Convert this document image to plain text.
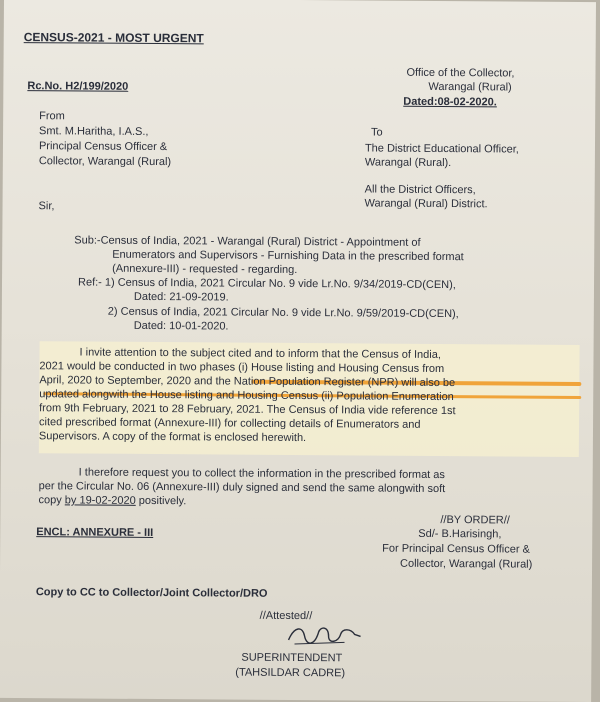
CENSUS-2021 - MOST URGENT
Rc.No. H2/199/2020
Office of the Collector,
Warangal (Rural)
Dated:08-02-2020.
From
Smt. M.Haritha, I.A.S.,
Principal Census Officer &
Collector, Warangal (Rural)
To
The District Educational Officer,
Warangal (Rural).
All the District Officers,
Warangal (Rural) District.
Sir,
Sub:-Census of India, 2021 - Warangal (Rural) District - Appointment of
Enumerators and Supervisors - Furnishing Data in the prescribed format
(Annexure-III) - requested - regarding.
Ref:- 1) Census of India, 2021 Circular No. 9 vide Lr.No. 9/34/2019-CD(CEN),
Dated: 21-09-2019.
2) Census of India, 2021 Circular No. 9 vide Lr.No. 9/59/2019-CD(CEN),
Dated: 10-01-2020.
I invite attention to the subject cited and to inform that the Census of India,
2021 would be conducted in two phases (i) House listing and Housing Census from
April, 2020 to September, 2020 and the Nation Population Register (NPR) will also be
updated alongwith the House listing and Housing Census (ii) Population Enumeration
from 9th February, 2021 to 28 February, 2021. The Census of India vide reference 1st
cited prescribed format (Annexure-III) for collecting details of Enumerators and
Supervisors. A copy of the format is enclosed herewith.
I therefore request you to collect the information in the prescribed format as
per the Circular No. 06 (Annexure-III) duly signed and send the same alongwith soft
copy by 19-02-2020 positively.
//BY ORDER//
Sd/- B.Harisingh,
For Principal Census Officer &
Collector, Warangal (Rural)
ENCL: ANNEXURE - III
Copy to CC to Collector/Joint Collector/DRO
//Attested//
SUPERINTENDENT
(TAHSILDAR CADRE)
